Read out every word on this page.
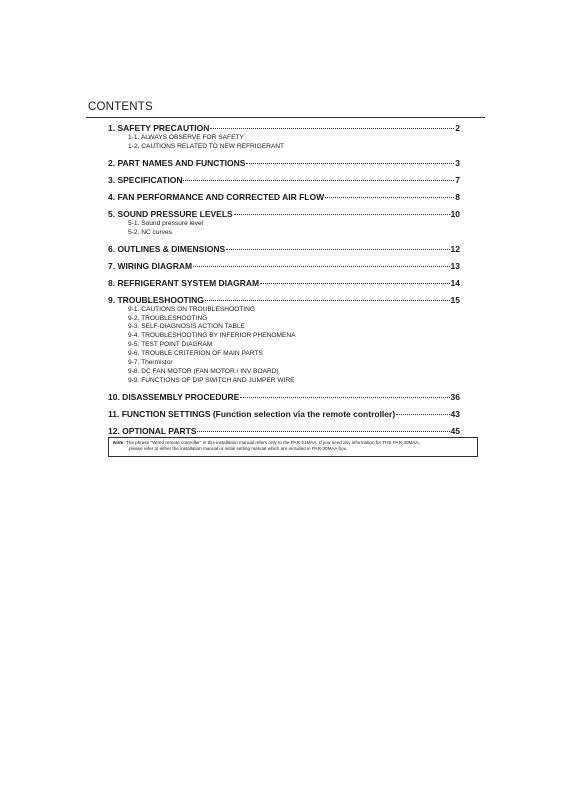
CONTENTS
1. SAFETY PRECAUTION	2
1-1. ALWAYS OBSERVE FOR SAFETY
1-2. CAUTIONS RELATED TO NEW REFRIGERANT
2. PART NAMES AND FUNCTIONS	3
3. SPECIFICATION	7
4. FAN PERFORMANCE AND CORRECTED AIR FLOW	8
5. SOUND PRESSURE LEVELS	10
5-1. Sound pressure level
5-2. NC curves
6. OUTLINES & DIMENSIONS	12
7. WIRING DIAGRAM	13
8. REFRIGERANT SYSTEM DIAGRAM	14
9. TROUBLESHOOTING	15
9-1. CAUTIONS ON TROUBLESHOOTING
9-2. TROUBLESHOOTING
9-3. SELF-DIAGNOSIS ACTION TABLE
9-4. TROUBLESHOOTING BY INFERIOR PHENOMENA
9-5. TEST POINT DIAGRAM
9-6. TROUBLE CRITERION OF MAIN PARTS
9-7. Thermistor
9-8. DC FAN MOTOR (FAN MOTOR / INV BOARD)
9-9. FUNCTIONS OF DIP SWITCH AND JUMPER WIRE
10. DISASSEMBLY PROCEDURE	36
11. FUNCTION SETTINGS (Function selection via the remote controller)	43
12. OPTIONAL PARTS	45
Note: The phrase "Wired remote controller" in this installation manual refers only to the PAR-21MAA. If you need any information for THE PAR-30MAA,
please refer to either the installation manual or initial setting manual which are included in PAR-30MAA box.
